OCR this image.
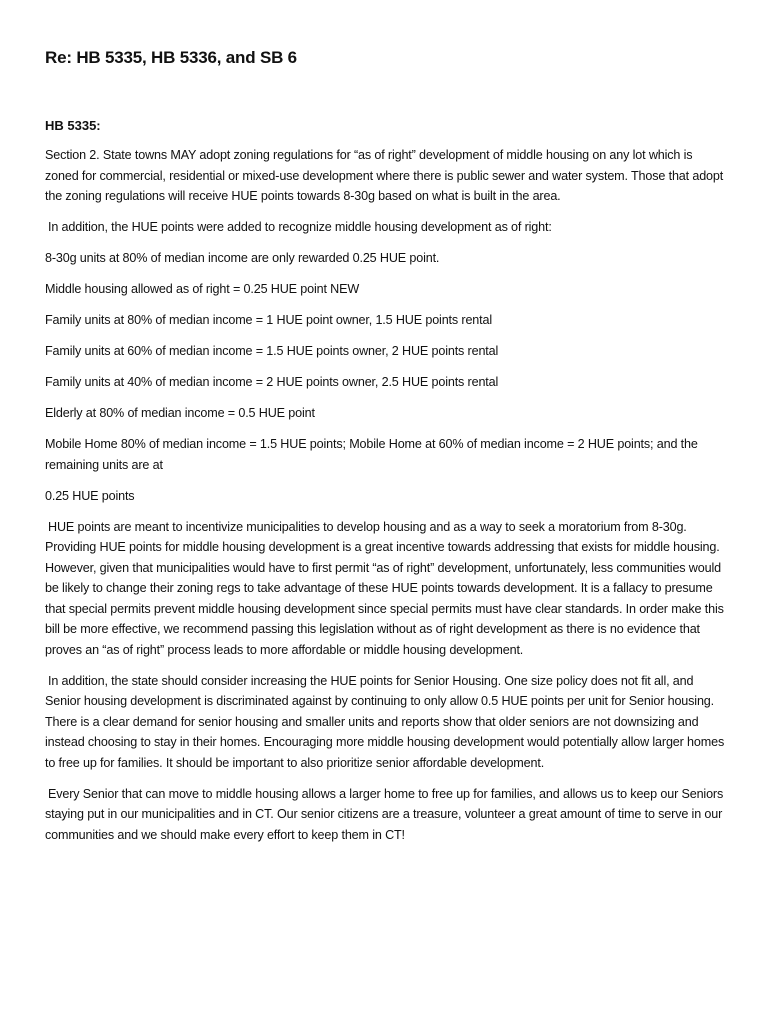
Re: HB 5335, HB 5336, and SB 6
HB 5335:

Section 2. State towns MAY adopt zoning regulations for “as of right” development of middle housing on any lot which is zoned for commercial, residential or mixed-use development where there is public sewer and water system. Those that adopt the zoning regulations will receive HUE points towards 8-30g based on what is built in the area.

In addition, the HUE points were added to recognize middle housing development as of right:

8-30g units at 80% of median income are only rewarded 0.25 HUE point.

Middle housing allowed as of right = 0.25 HUE point NEW

Family units at 80% of median income = 1 HUE point owner, 1.5 HUE points rental

Family units at 60% of median income = 1.5 HUE points owner, 2 HUE points rental

Family units at 40% of median income = 2 HUE points owner, 2.5 HUE points rental

Elderly at 80% of median income = 0.5 HUE point

Mobile Home 80% of median income = 1.5 HUE points; Mobile Home at 60% of median income = 2 HUE points; and the remaining units are at

0.25 HUE points

HUE points are meant to incentivize municipalities to develop housing and as a way to seek a moratorium from 8-30g. Providing HUE points for middle housing development is a great incentive towards addressing that exists for middle housing. However, given that municipalities would have to first permit “as of right” development, unfortunately, less communities would be likely to change their zoning regs to take advantage of these HUE points towards development. It is a fallacy to presume that special permits prevent middle housing development since special permits must have clear standards. In order make this bill be more effective, we recommend passing this legislation without as of right development as there is no evidence that proves an “as of right” process leads to more affordable or middle housing development.

In addition, the state should consider increasing the HUE points for Senior Housing. One size policy does not fit all, and Senior housing development is discriminated against by continuing to only allow 0.5 HUE points per unit for Senior housing. There is a clear demand for senior housing and smaller units and reports show that older seniors are not downsizing and instead choosing to stay in their homes. Encouraging more middle housing development would potentially allow larger homes to free up for families. It should be important to also prioritize senior affordable development.

Every Senior that can move to middle housing allows a larger home to free up for families, and allows us to keep our Seniors staying put in our municipalities and in CT. Our senior citizens are a treasure, volunteer a great amount of time to serve in our communities and we should make every effort to keep them in CT!
